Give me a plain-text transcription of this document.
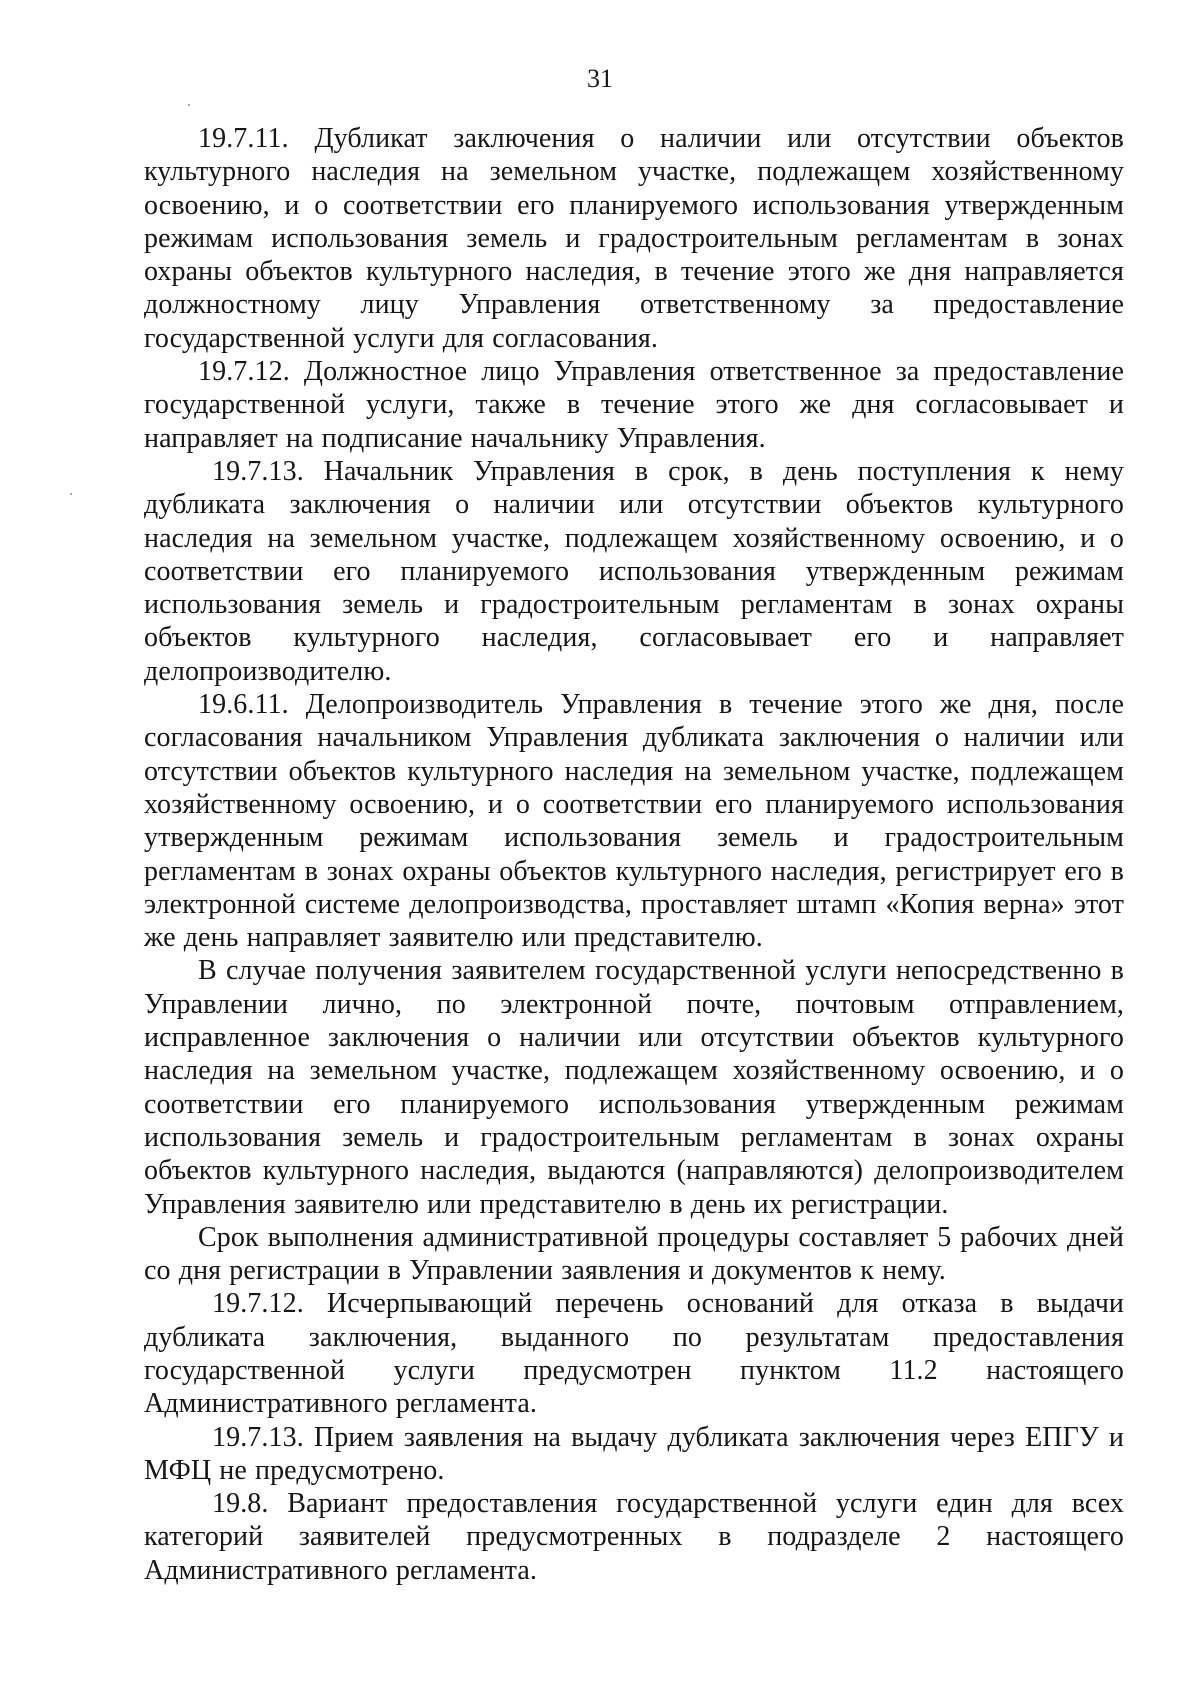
31

19.7.11. Дубликат заключения о наличии или отсутствии объектов культурного наследия на земельном участке, подлежащем хозяйственному освоению, и о соответствии его планируемого использования утвержденным режимам использования земель и градостроительным регламентам в зонах охраны объектов культурного наследия, в течение этого же дня направляется должностному лицу Управления ответственному за предоставление государственной услуги для согласования.

19.7.12. Должностное лицо Управления ответственное за предоставление государственной услуги, также в течение этого же дня согласовывает и направляет на подписание начальнику Управления.

19.7.13. Начальник Управления в срок, в день поступления к нему дубликата заключения о наличии или отсутствии объектов культурного наследия на земельном участке, подлежащем хозяйственному освоению, и о соответствии его планируемого использования утвержденным режимам использования земель и градостроительным регламентам в зонах охраны объектов культурного наследия, согласовывает его и направляет делопроизводителю.

19.6.11. Делопроизводитель Управления в течение этого же дня, после согласования начальником Управления дубликата заключения о наличии или отсутствии объектов культурного наследия на земельном участке, подлежащем хозяйственному освоению, и о соответствии его планируемого использования утвержденным режимам использования земель и градостроительным регламентам в зонах охраны объектов культурного наследия, регистрирует его в электронной системе делопроизводства, проставляет штамп «Копия верна» этот же день направляет заявителю или представителю.

В случае получения заявителем государственной услуги непосредственно в Управлении лично, по электронной почте, почтовым отправлением, исправленное заключения о наличии или отсутствии объектов культурного наследия на земельном участке, подлежащем хозяйственному освоению, и о соответствии его планируемого использования утвержденным режимам использования земель и градостроительным регламентам в зонах охраны объектов культурного наследия, выдаются (направляются) делопроизводителем Управления заявителю или представителю в день их регистрации.

Срок выполнения административной процедуры составляет 5 рабочих дней со дня регистрации в Управлении заявления и документов к нему.

19.7.12. Исчерпывающий перечень оснований для отказа в выдачи дубликата заключения, выданного по результатам предоставления государственной услуги предусмотрен пунктом 11.2 настоящего Административного регламента.

19.7.13. Прием заявления на выдачу дубликата заключения через ЕПГУ и МФЦ не предусмотрено.

19.8. Вариант предоставления государственной услуги един для всех категорий заявителей предусмотренных в подразделе 2 настоящего Административного регламента.
